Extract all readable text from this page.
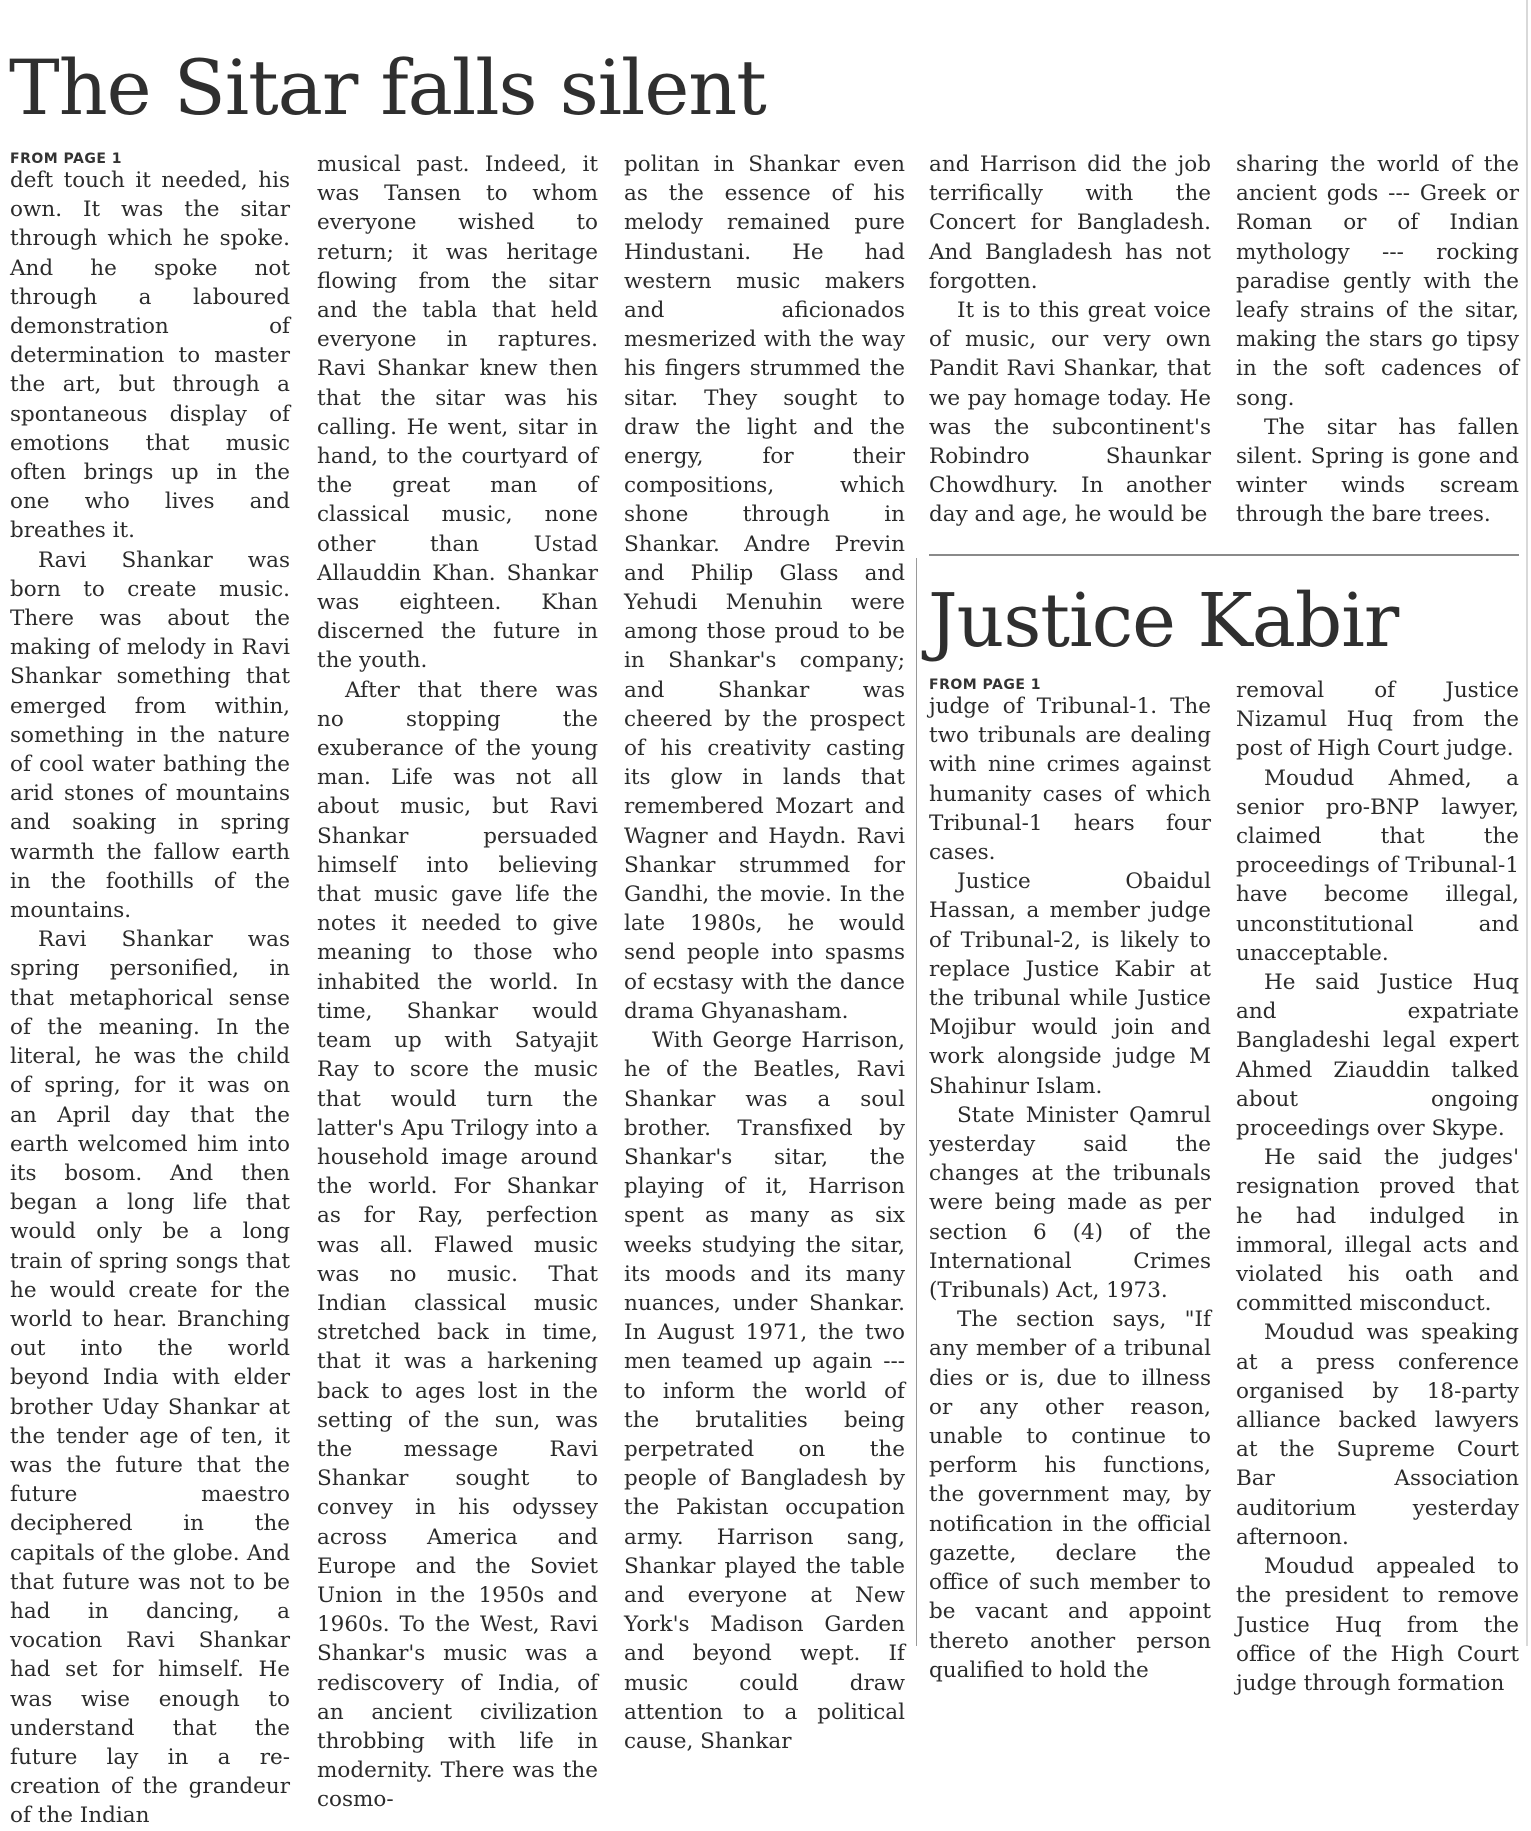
The Sitar falls silent
FROM PAGE 1

deft touch it needed, his own. It was the sitar through which he spoke. And he spoke not through a laboured demonstration of determination to master the art, but through a spontaneous display of emotions that music often brings up in the one who lives and breathes it.

Ravi Shankar was born to create music. There was about the making of melody in Ravi Shankar something that emerged from within, something in the nature of cool water bathing the arid stones of mountains and soaking in spring warmth the fallow earth in the foothills of the mountains.

Ravi Shankar was spring personified, in that metaphorical sense of the meaning. In the literal, he was the child of spring, for it was on an April day that the earth welcomed him into its bosom. And then began a long life that would only be a long train of spring songs that he would create for the world to hear. Branching out into the world beyond India with elder brother Uday Shankar at the tender age of ten, it was the future that the future maestro deciphered in the capitals of the globe. And that future was not to be had in dancing, a vocation Ravi Shankar had set for himself. He was wise enough to understand that the future lay in a re-creation of the grandeur of the Indian

musical past. Indeed, it was Tansen to whom everyone wished to return; it was heritage flowing from the sitar and the tabla that held everyone in raptures. Ravi Shankar knew then that the sitar was his calling. He went, sitar in hand, to the courtyard of the great man of classical music, none other than Ustad Allauddin Khan. Shankar was eighteen. Khan discerned the future in the youth.

After that there was no stopping the exuberance of the young man. Life was not all about music, but Ravi Shankar persuaded himself into believing that music gave life the notes it needed to give meaning to those who inhabited the world. In time, Shankar would team up with Satyajit Ray to score the music that would turn the latter's Apu Trilogy into a household image around the world. For Shankar as for Ray, perfection was all. Flawed music was no music. That Indian classical music stretched back in time, that it was a harkening back to ages lost in the setting of the sun, was the message Ravi Shankar sought to convey in his odyssey across America and Europe and the Soviet Union in the 1950s and 1960s. To the West, Ravi Shankar's music was a rediscovery of India, of an ancient civilization throbbing with life in modernity. There was the cosmo-

politan in Shankar even as the essence of his melody remained pure Hindustani. He had western music makers and aficionados mesmerized with the way his fingers strummed the sitar. They sought to draw the light and the energy, for their compositions, which shone through in Shankar. Andre Previn and Philip Glass and Yehudi Menuhin were among those proud to be in Shankar's company; and Shankar was cheered by the prospect of his creativity casting its glow in lands that remembered Mozart and Wagner and Haydn. Ravi Shankar strummed for Gandhi, the movie. In the late 1980s, he would send people into spasms of ecstasy with the dance drama Ghyanasham.

With George Harrison, he of the Beatles, Ravi Shankar was a soul brother. Transfixed by Shankar's sitar, the playing of it, Harrison spent as many as six weeks studying the sitar, its moods and its many nuances, under Shankar. In August 1971, the two men teamed up again --- to inform the world of the brutalities being perpetrated on the people of Bangladesh by the Pakistan occupation army. Harrison sang, Shankar played the table and everyone at New York's Madison Garden and beyond wept. If music could draw attention to a political cause, Shankar

and Harrison did the job terrifically with the Concert for Bangladesh. And Bangladesh has not forgotten.

It is to this great voice of music, our very own Pandit Ravi Shankar, that we pay homage today. He was the subcontinent's Robindro Shaunkar Chowdhury. In another day and age, he would be

sharing the world of the ancient gods --- Greek or Roman or of Indian mythology --- rocking paradise gently with the leafy strains of the sitar, making the stars go tipsy in the soft cadences of song.

The sitar has fallen silent. Spring is gone and winter winds scream through the bare trees.

Justice Kabir
FROM PAGE 1

judge of Tribunal-1. The two tribunals are dealing with nine crimes against humanity cases of which Tribunal-1 hears four cases.

Justice Obaidul Hassan, a member judge of Tribunal-2, is likely to replace Justice Kabir at the tribunal while Justice Mojibur would join and work alongside judge M Shahinur Islam.

State Minister Qamrul yesterday said the changes at the tribunals were being made as per section 6 (4) of the International Crimes (Tribunals) Act, 1973.

The section says, "If any member of a tribunal dies or is, due to illness or any other reason, unable to continue to perform his functions, the government may, by notification in the official gazette, declare the office of such member to be vacant and appoint thereto another person qualified to hold the

removal of Justice Nizamul Huq from the post of High Court judge.

Moudud Ahmed, a senior pro-BNP lawyer, claimed that the proceedings of Tribunal-1 have become illegal, unconstitutional and unacceptable.

He said Justice Huq and expatriate Bangladeshi legal expert Ahmed Ziauddin talked about ongoing proceedings over Skype.

He said the judges' resignation proved that he had indulged in immoral, illegal acts and violated his oath and committed misconduct.

Moudud was speaking at a press conference organised by 18-party alliance backed lawyers at the Supreme Court Bar Association auditorium yesterday afternoon.

Moudud appealed to the president to remove Justice Huq from the office of the High Court judge through formation
